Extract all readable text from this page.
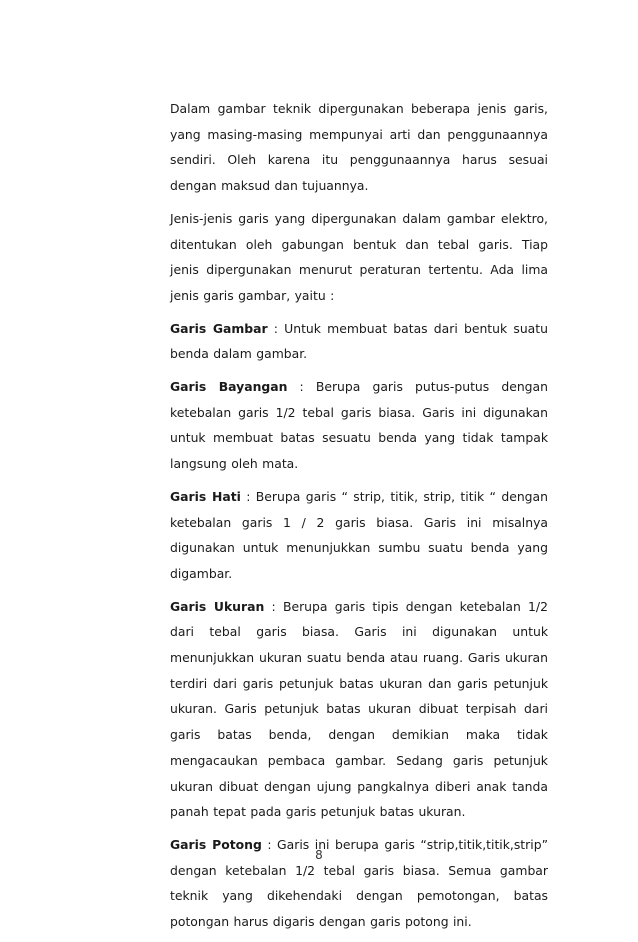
Dalam gambar teknik dipergunakan beberapa jenis garis, yang masing-masing mempunyai arti dan penggunaannya sendiri. Oleh karena itu penggunaannya harus sesuai dengan maksud dan tujuannya.

Jenis-jenis garis yang dipergunakan dalam gambar elektro, ditentukan oleh gabungan bentuk dan tebal garis. Tiap jenis dipergunakan menurut peraturan tertentu. Ada lima jenis garis gambar, yaitu :

Garis Gambar : Untuk membuat batas dari bentuk suatu benda dalam gambar.

Garis Bayangan : Berupa garis putus-putus dengan ketebalan garis 1/2 tebal garis biasa. Garis ini digunakan untuk membuat batas sesuatu benda yang tidak tampak langsung oleh mata.

Garis Hati : Berupa garis “ strip, titik, strip, titik “ dengan ketebalan garis 1 / 2 garis biasa. Garis ini misalnya digunakan untuk menunjukkan sumbu suatu benda yang digambar.

Garis Ukuran : Berupa garis tipis dengan ketebalan 1/2 dari tebal garis biasa. Garis ini digunakan untuk menunjukkan ukuran suatu benda atau ruang. Garis ukuran terdiri dari garis petunjuk batas ukuran dan garis petunjuk ukuran. Garis petunjuk batas ukuran dibuat terpisah dari garis batas benda, dengan demikian maka tidak mengacaukan pembaca gambar. Sedang garis petunjuk ukuran dibuat dengan ujung pangkalnya diberi anak tanda panah tepat pada garis petunjuk batas ukuran.

Garis Potong : Garis ini berupa garis “strip,titik,titik,strip” dengan ketebalan 1/2 tebal garis biasa. Semua gambar teknik yang dikehendaki dengan pemotongan, batas potongan harus digaris dengan garis potong ini.

8
